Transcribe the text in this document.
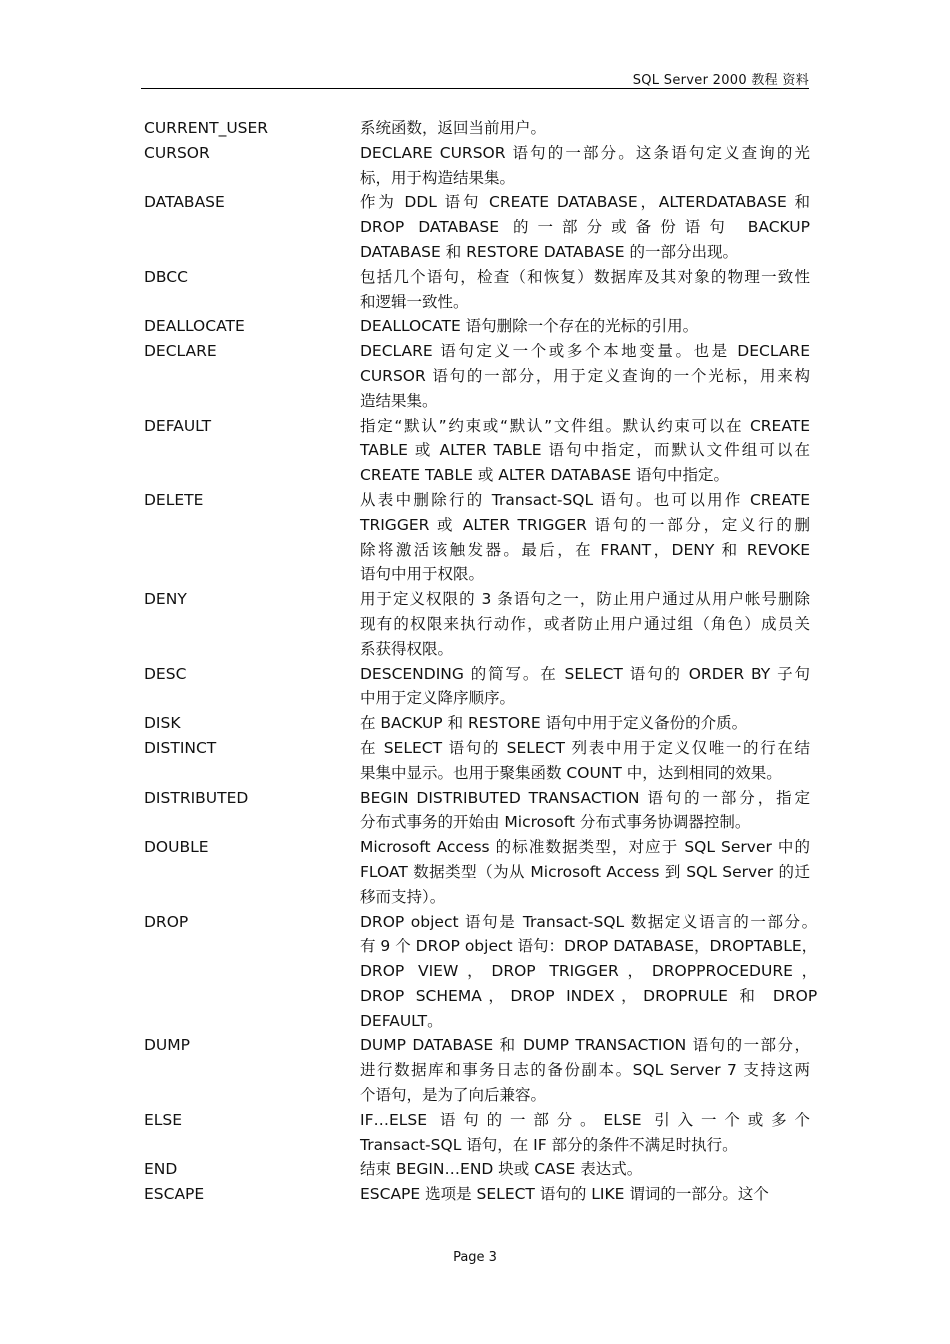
SQL Server 2000 教程 资料
CURRENT_USER	系统函数，返回当前用户。
CURSOR	DECLARE CURSOR 语句的一部分。这条语句定义查询的光
标，用于构造结果集。
DATABASE	作为 DDL 语句 CREATE DATABASE，ALTERDATABASE 和
DROP DATABASE 的一部分或备份语句 BACKUP
DATABASE 和 RESTORE DATABASE 的一部分出现。
DBCC	包括几个语句，检查（和恢复）数据库及其对象的物理一致性
和逻辑一致性。
DEALLOCATE	DEALLOCATE 语句删除一个存在的光标的引用。
DECLARE	DECLARE 语句定义一个或多个本地变量。也是 DECLARE
CURSOR 语句的一部分，用于定义查询的一个光标，用来构
造结果集。
DEFAULT	指定“默认”约束或“默认”文件组。默认约束可以在 CREATE
TABLE 或 ALTER TABLE 语句中指定，而默认文件组可以在
CREATE TABLE 或 ALTER DATABASE 语句中指定。
DELETE	从表中删除行的 Transact-SQL 语句。也可以用作 CREATE
TRIGGER 或 ALTER TRIGGER 语句的一部分，定义行的删
除将激活该触发器。最后，在 FRANT，DENY 和 REVOKE
语句中用于权限。
DENY	用于定义权限的 3 条语句之一，防止用户通过从用户帐号删除
现有的权限来执行动作，或者防止用户通过组（角色）成员关
系获得权限。
DESC	DESCENDING 的简写。在 SELECT 语句的 ORDER BY 子句
中用于定义降序顺序。
DISK	在 BACKUP 和 RESTORE 语句中用于定义备份的介质。
DISTINCT	在 SELECT 语句的 SELECT 列表中用于定义仅唯一的行在结
果集中显示。也用于聚集函数 COUNT 中，达到相同的效果。
DISTRIBUTED	BEGIN DISTRIBUTED TRANSACTION 语句的一部分，指定
分布式事务的开始由 Microsoft 分布式事务协调器控制。
DOUBLE	Microsoft Access 的标准数据类型，对应于 SQL Server 中的
FLOAT 数据类型（为从 Microsoft Access 到 SQL Server 的迁
移而支持）。
DROP	DROP object 语句是 Transact-SQL 数据定义语言的一部分。
有 9 个 DROP object 语句：DROP DATABASE，DROPTABLE，
DROP VIEW，DROP TRIGGER，DROPPROCEDURE，
DROP SCHEMA，DROP INDEX，DROPRULE 和 DROP
DEFAULT。
DUMP	DUMP DATABASE 和 DUMP TRANSACTION 语句的一部分，
进行数据库和事务日志的备份副本。SQL Server 7 支持这两
个语句，是为了向后兼容。
ELSE	IF…ELSE 语句的一部分。ELSE 引入一个或多个
Transact-SQL 语句，在 IF 部分的条件不满足时执行。
END	结束 BEGIN…END 块或 CASE 表达式。
ESCAPE	ESCAPE 选项是 SELECT 语句的 LIKE 谓词的一部分。这个
Page 3
